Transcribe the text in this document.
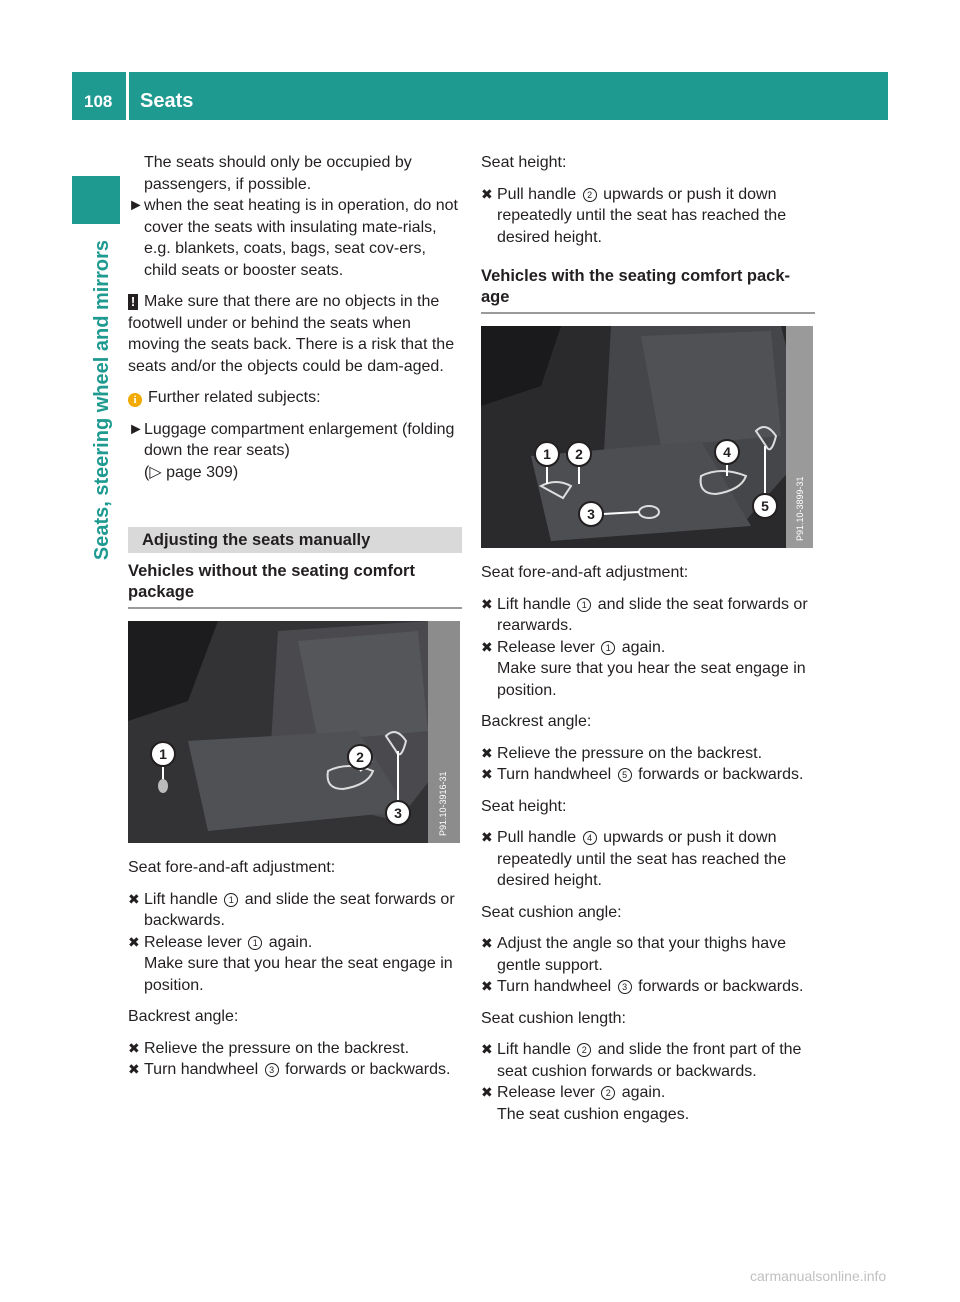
108 Seats
Seats, steering wheel and mirrors

The seats should only be occupied by

passengers, if possible.

► when the seat heating is in operation, do not cover the seats with insulating mate-rials, e.g. blankets, coats, bags, seat cov-ers, child seats or booster seats.

! Make sure that there are no objects in the footwell under or behind the seats when moving the seats back. There is a risk that the seats and/or the objects could be dam-aged.

i Further related subjects:

► Luggage compartment enlargement (folding down the rear seats)

(▷ page 309)

Adjusting the seats manually
Vehicles without the seating comfort package
1	2
3	P91.10-3916-31

Seat fore-and-aft adjustment:

✖ Lift handle 1 and slide the seat forwards or backwards.

✖ Release lever 1 again.
Make sure that you hear the seat engage in position.

Backrest angle:

✖ Relieve the pressure on the backrest.

✖ Turn handwheel 3 forwards or backwards.

Seat height:

✖ Pull handle 2 upwards or push it down repeatedly until the seat has reached the desired height.

Vehicles with the seating comfort pack-age
1 2
3
4
5	P91.10-3899-31

Seat fore-and-aft adjustment:

✖ Lift handle 1 and slide the seat forwards or rearwards.

✖ Release lever 1 again.
Make sure that you hear the seat engage in position.

Backrest angle:

✖ Relieve the pressure on the backrest.

✖ Turn handwheel 5 forwards or backwards.

Seat height:

✖ Pull handle 4 upwards or push it down repeatedly until the seat has reached the desired height.

Seat cushion angle:

✖ Adjust the angle so that your thighs have gentle support.

✖ Turn handwheel 3 forwards or backwards.

Seat cushion length:

✖ Lift handle 2 and slide the front part of the seat cushion forwards or backwards.

✖ Release lever 2 again.
The seat cushion engages.

carmanualsonline.info
